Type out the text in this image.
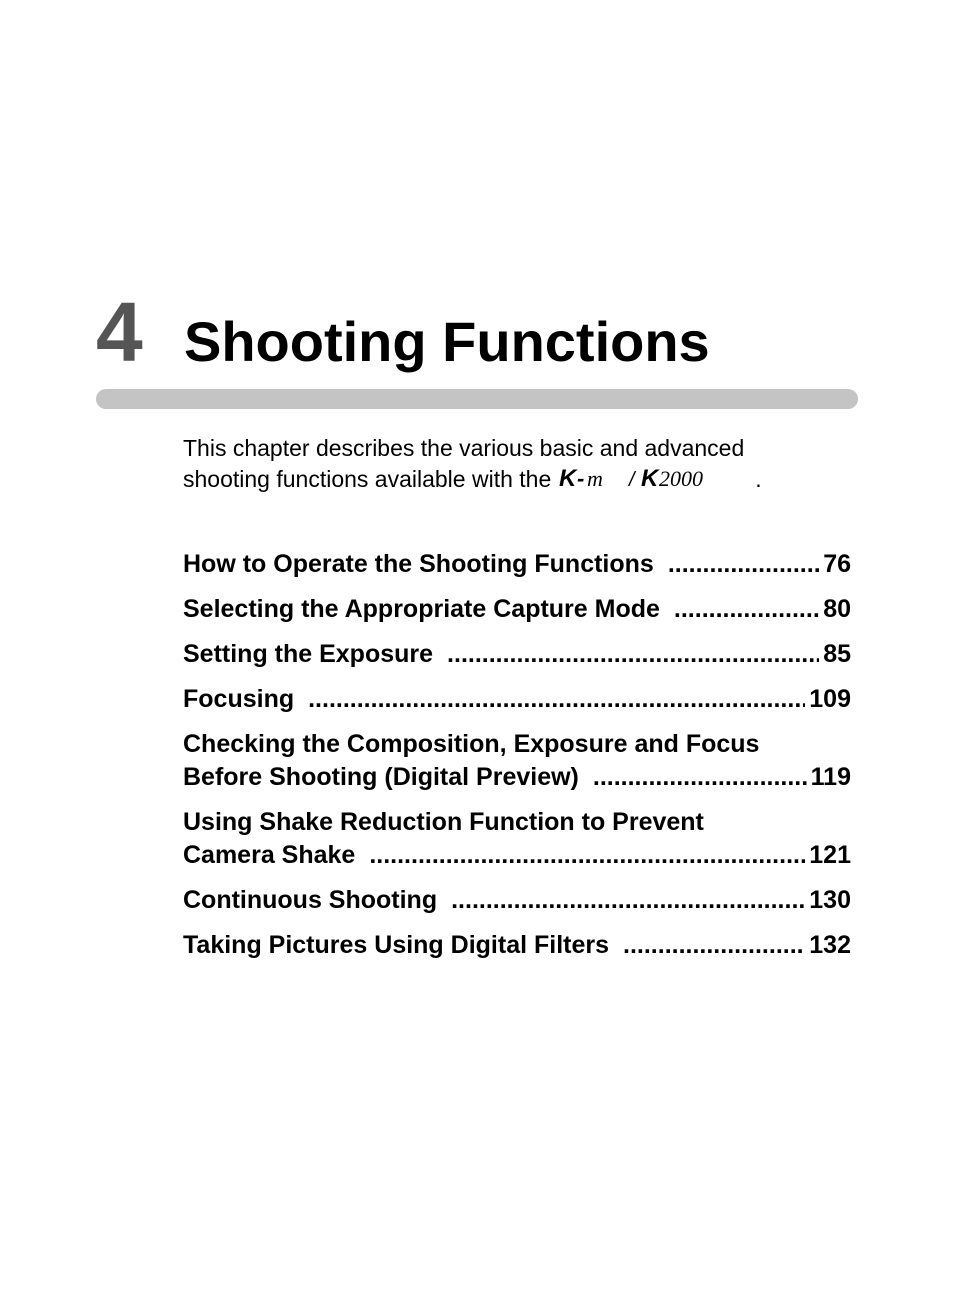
4 Shooting Functions
This chapter describes the various basic and advanced
shooting functions available with the K - m / K 2000 .
How to Operate the Shooting Functions .....	76
Selecting the Appropriate Capture Mode .....	80
Setting the Exposure .....	85
Focusing .....	109
Checking the Composition, Exposure and Focus
Before Shooting (Digital Preview) .....	119
Using Shake Reduction Function to Prevent
Camera Shake .....	121
Continuous Shooting .....	130
Taking Pictures Using Digital Filters .....	132
